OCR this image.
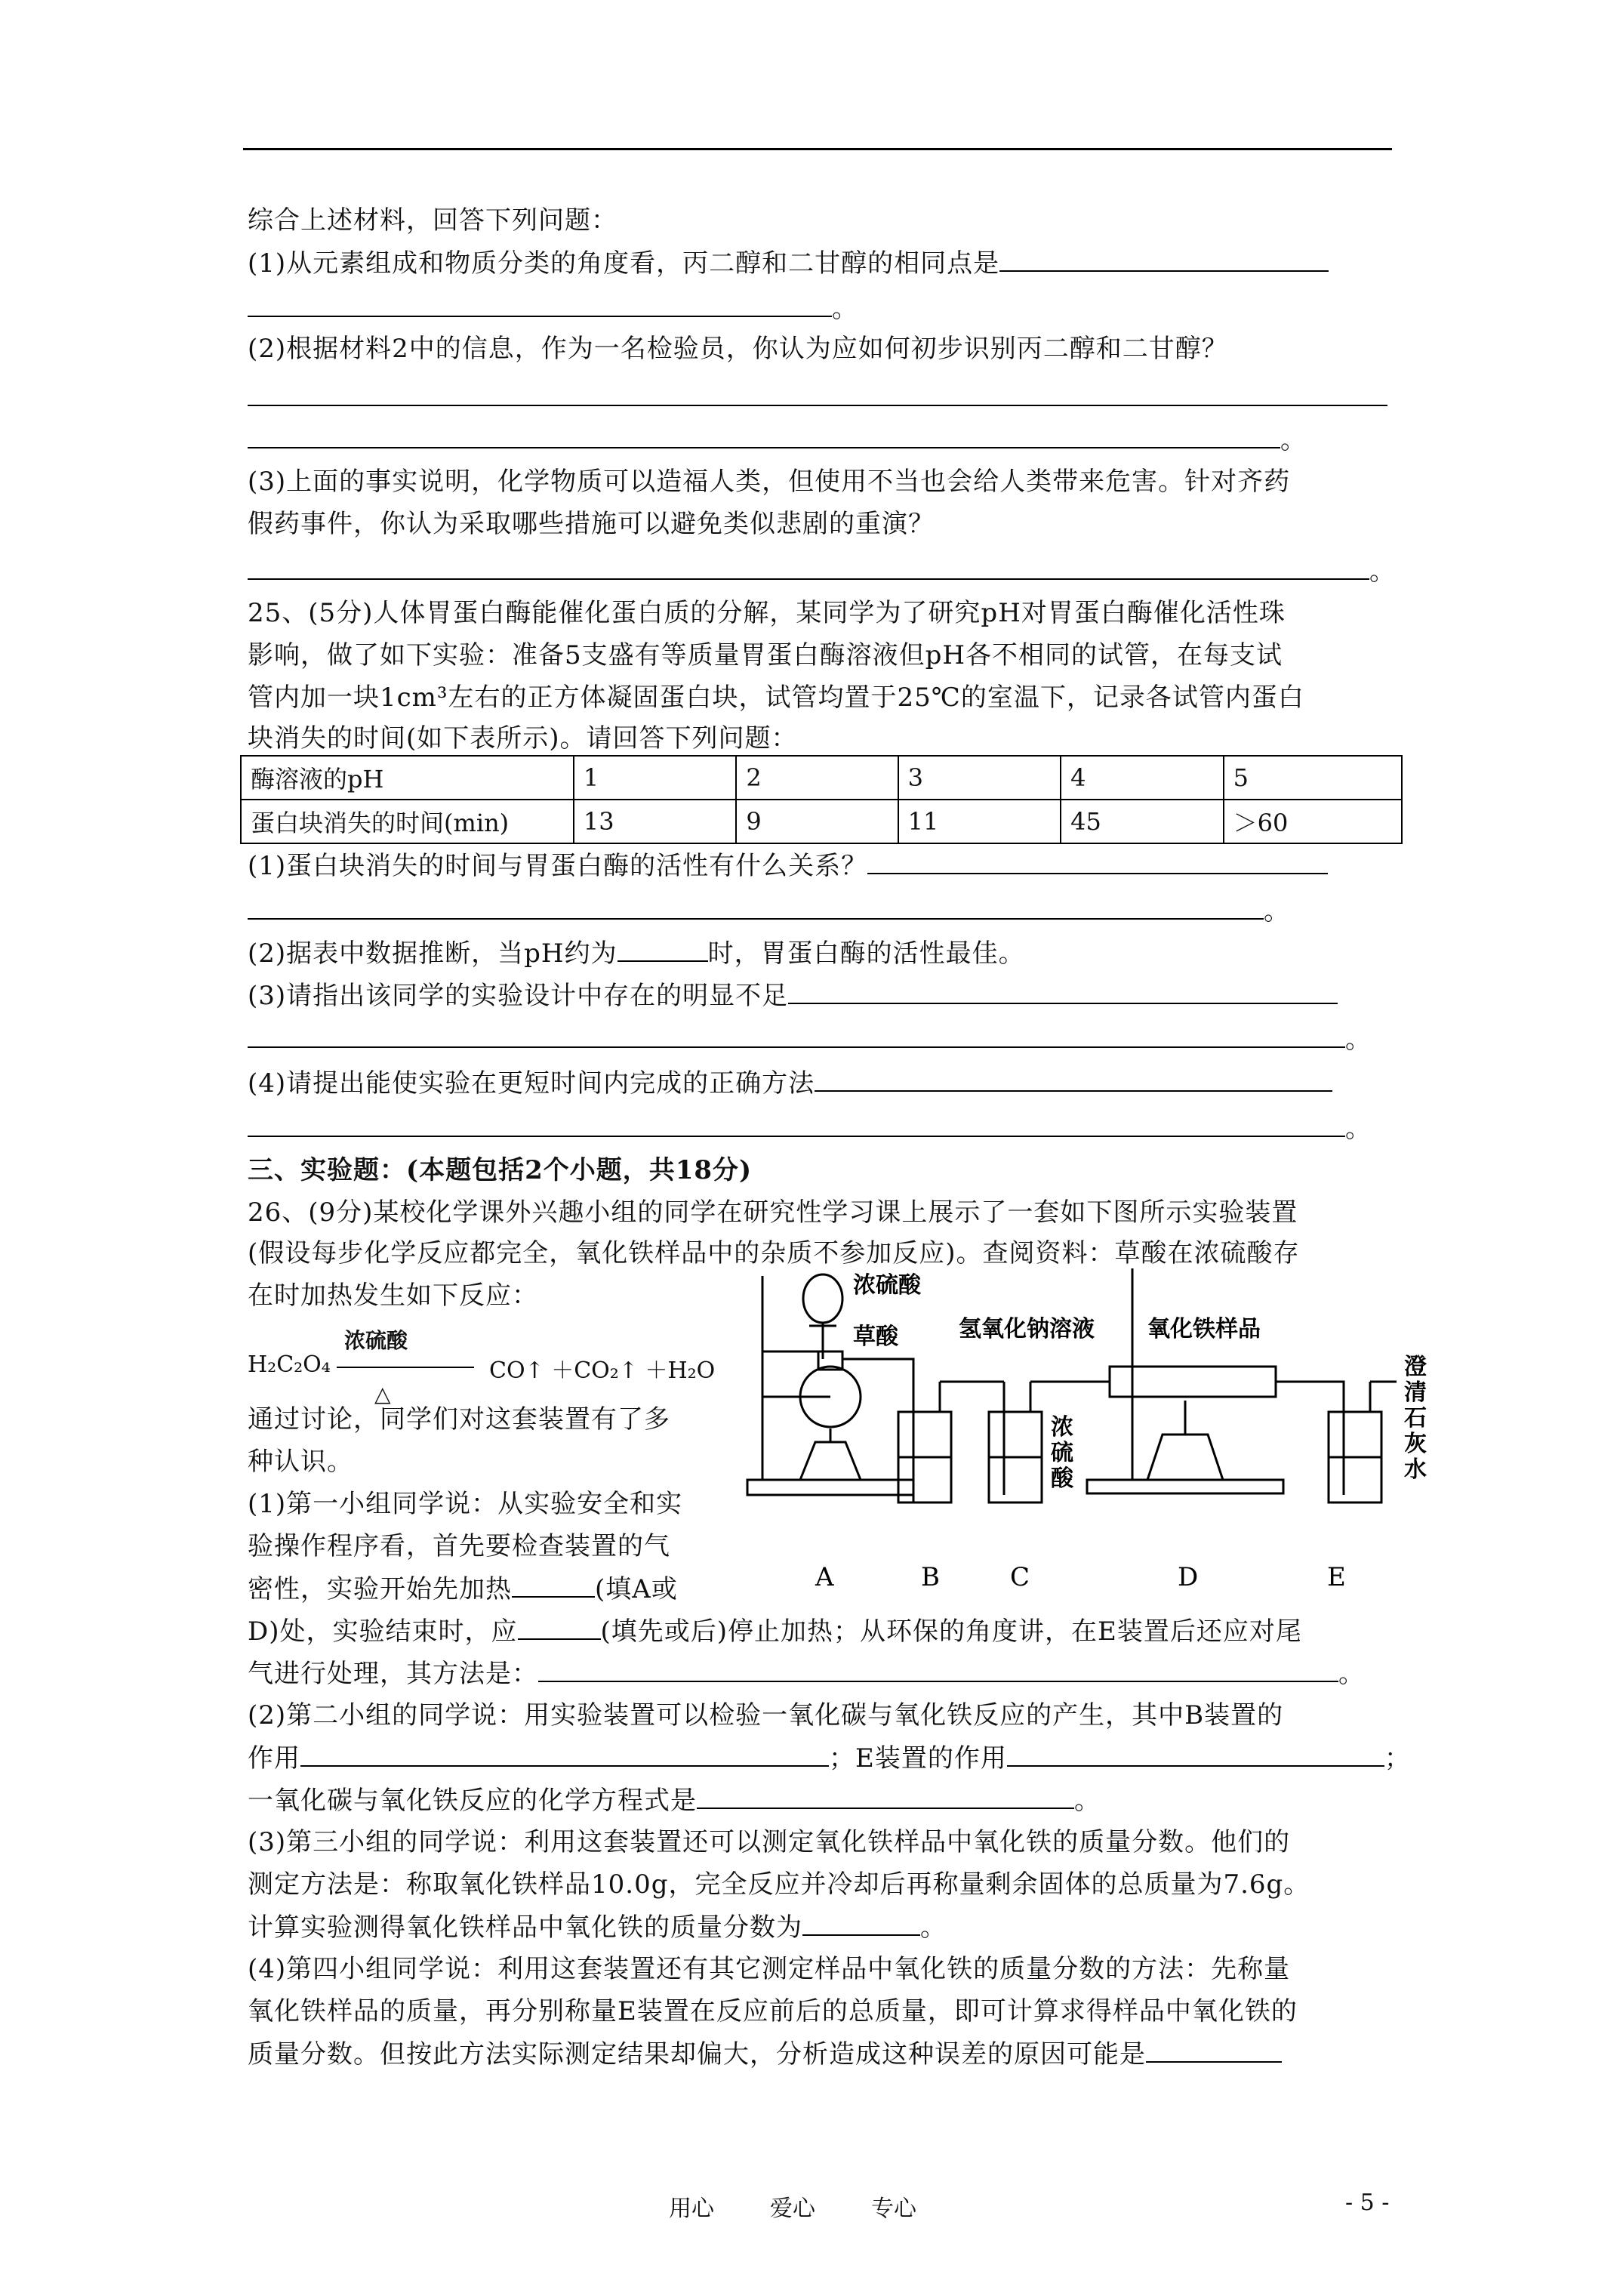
综合上述材料，回答下列问题：
(1)从元素组成和物质分类的角度看，丙二醇和二甘醇的相同点是
。
(2)根据材料2中的信息，作为一名检验员，你认为应如何初步识别丙二醇和二甘醇？
。
(3)上面的事实说明，化学物质可以造福人类，但使用不当也会给人类带来危害。针对齐药
假药事件，你认为采取哪些措施可以避免类似悲剧的重演？
。
25、(5分)人体胃蛋白酶能催化蛋白质的分解，某同学为了研究pH对胃蛋白酶催化活性珠
影响，做了如下实验：准备5支盛有等质量胃蛋白酶溶液但pH各不相同的试管，在每支试
管内加一块1cm³左右的正方体凝固蛋白块，试管均置于25℃的室温下，记录各试管内蛋白
块消失的时间(如下表所示)。请回答下列问题：
酶溶液的pH	1	2	3	4	5
蛋白块消失的时间(min)	13	9	11	45	＞60
(1)蛋白块消失的时间与胃蛋白酶的活性有什么关系？
。
(2)据表中数据推断，当pH约为	时，胃蛋白酶的活性最佳。
(3)请指出该同学的实验设计中存在的明显不足
。
(4)请提出能使实验在更短时间内完成的正确方法
。
三、实验题：(本题包括2个小题，共18分)
26、(9分)某校化学课外兴趣小组的同学在研究性学习课上展示了一套如下图所示实验装置
(假设每步化学反应都完全，氧化铁样品中的杂质不参加反应)。查阅资料：草酸在浓硫酸存
在时加热发生如下反应：
H₂C₂O₄
浓硫酸
△
CO↑ ＋CO₂↑ ＋H₂O
通过讨论，同学们对这套装置有了多
种认识。
(1)第一小组同学说：从实验安全和实
验操作程序看，首先要检查装置的气
密性，实验开始先加热	(填A或
D)处，实验结束时，应	(填先或后)停止加热；从环保的角度讲，在E装置后还应对尾
气进行处理，其方法是：	。
(2)第二小组的同学说：用实验装置可以检验一氧化碳与氧化铁反应的产生，其中B装置的
作用	；E装置的作用	；
一氧化碳与氧化铁反应的化学方程式是	。
(3)第三小组的同学说：利用这套装置还可以测定氧化铁样品中氧化铁的质量分数。他们的
测定方法是：称取氧化铁样品10.0g，完全反应并冷却后再称量剩余固体的总质量为7.6g。
计算实验测得氧化铁样品中氧化铁的质量分数为	。
(4)第四小组同学说：利用这套装置还有其它测定样品中氧化铁的质量分数的方法：先称量
氧化铁样品的质量，再分别称量E装置在反应前后的总质量，即可计算求得样品中氧化铁的
质量分数。但按此方法实际测定结果却偏大，分析造成这种误差的原因可能是
浓硫酸
草酸	氢氧化钠溶液 氧化铁样品
浓
硫
酸
澄
清
石
灰
水
A	B	C	D	E
用心 爱心 专心	- 5 -
